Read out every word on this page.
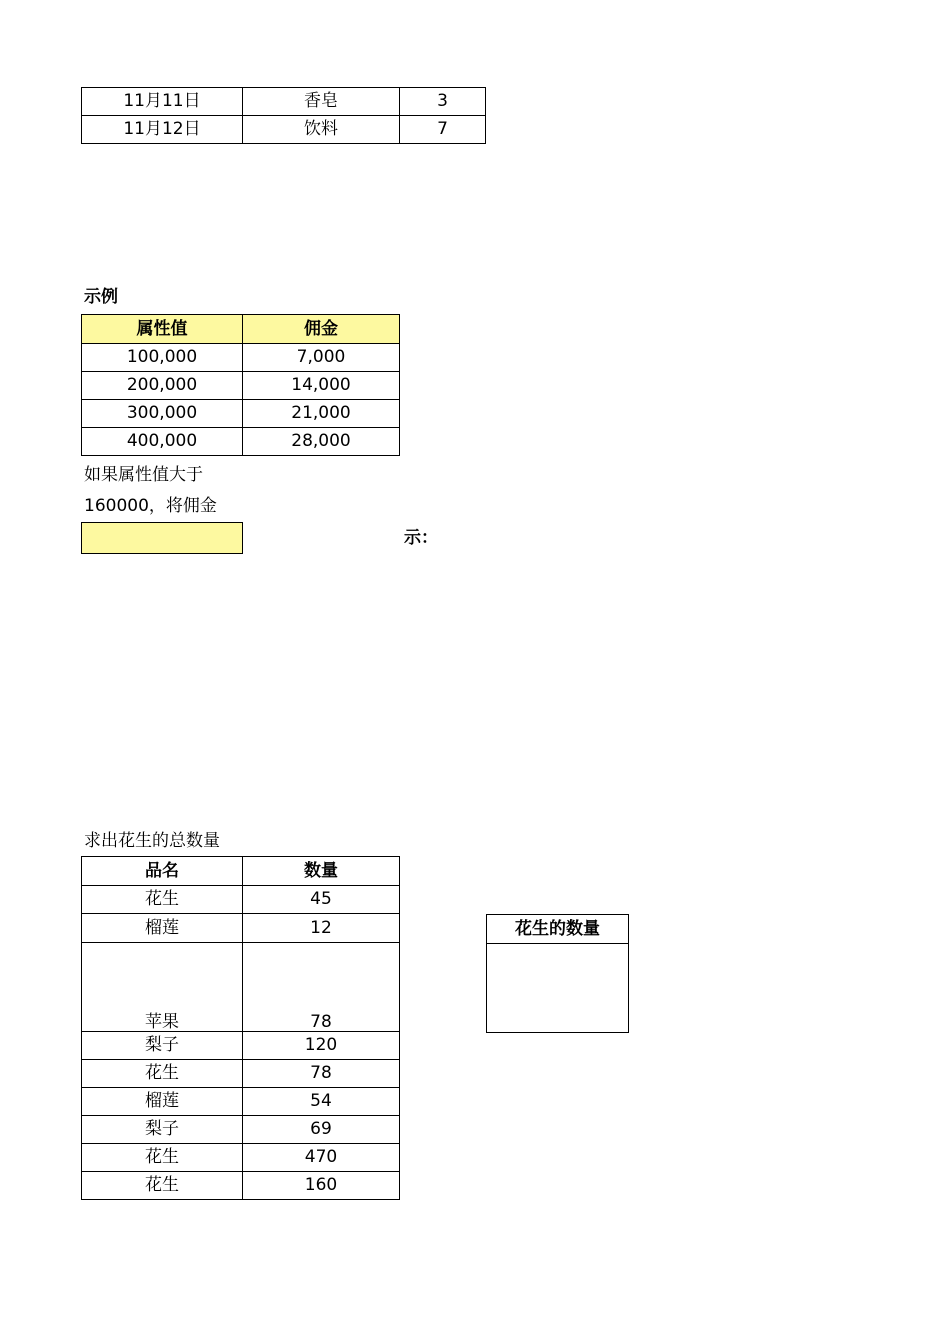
11月11日	香皂	3
11月12日	饮料	7
示例
属性值	佣金
100,000	7,000
200,000	14,000
300,000	21,000
400,000	28,000
如果属性值大于
160000，将佣金
示：
求出花生的总数量
品名	数量
花生	45
榴莲	12
苹果	78
梨子	120
花生	78
榴莲	54
梨子	69
花生	470
花生	160
花生的数量
